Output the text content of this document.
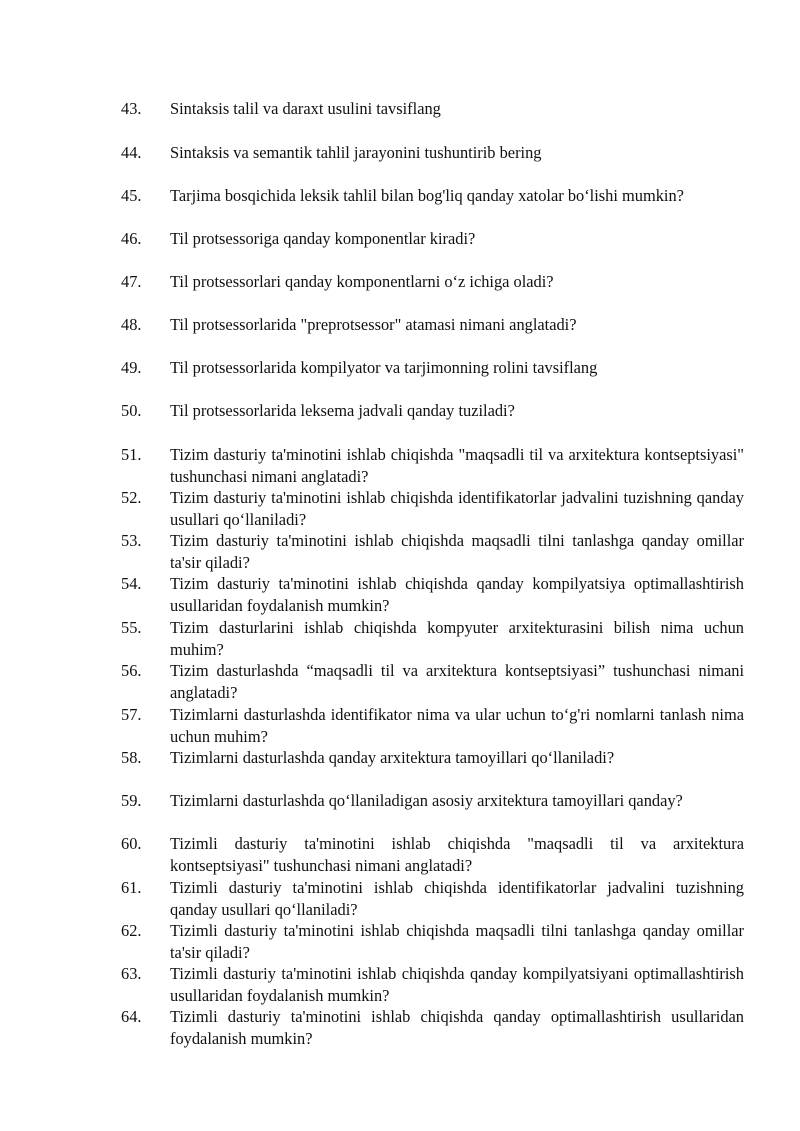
43.	Sintaksis talil va daraxt usulini tavsiflang
44.	Sintaksis va semantik tahlil jarayonini tushuntirib bering
45.	Tarjima bosqichida leksik tahlil bilan bog'liq qanday xatolar bo‘lishi mumkin?
46.	Til protsessoriga qanday komponentlar kiradi?
47.	Til protsessorlari qanday komponentlarni o‘z ichiga oladi?
48.	Til protsessorlarida "preprotsessor" atamasi nimani anglatadi?
49.	Til protsessorlarida kompilyator va tarjimonning rolini tavsiflang
50.	Til protsessorlarida leksema jadvali qanday tuziladi?
51.	Tizim dasturiy ta'minotini ishlab chiqishda "maqsadli til va arxitektura kontseptsiyasi" tushunchasi nimani anglatadi?
52.	Tizim dasturiy ta'minotini ishlab chiqishda identifikatorlar jadvalini tuzishning qanday usullari qo‘llaniladi?
53.	Tizim dasturiy ta'minotini ishlab chiqishda maqsadli tilni tanlashga qanday omillar ta'sir qiladi?
54.	Tizim dasturiy ta'minotini ishlab chiqishda qanday kompilyatsiya optimallashtirish usullaridan foydalanish mumkin?
55.	Tizim dasturlarini ishlab chiqishda kompyuter arxitekturasini bilish nima uchun muhim?
56.	Tizim dasturlashda “maqsadli til va arxitektura kontseptsiyasi” tushunchasi nimani anglatadi?
57.	Tizimlarni dasturlashda identifikator nima va ular uchun to‘g'ri nomlarni tanlash nima uchun muhim?
58.	Tizimlarni dasturlashda qanday arxitektura tamoyillari qo‘llaniladi?
59.	Tizimlarni dasturlashda qo‘llaniladigan asosiy arxitektura tamoyillari qanday?
60.	Tizimli dasturiy ta'minotini ishlab chiqishda "maqsadli til va arxitektura kontseptsiyasi" tushunchasi nimani anglatadi?
61.	Tizimli dasturiy ta'minotini ishlab chiqishda identifikatorlar jadvalini tuzishning qanday usullari qo‘llaniladi?
62.	Tizimli dasturiy ta'minotini ishlab chiqishda maqsadli tilni tanlashga qanday omillar ta'sir qiladi?
63.	Tizimli dasturiy ta'minotini ishlab chiqishda qanday kompilyatsiyani optimallashtirish usullaridan foydalanish mumkin?
64.	Tizimli dasturiy ta'minotini ishlab chiqishda qanday optimallashtirish usullaridan foydalanish mumkin?
